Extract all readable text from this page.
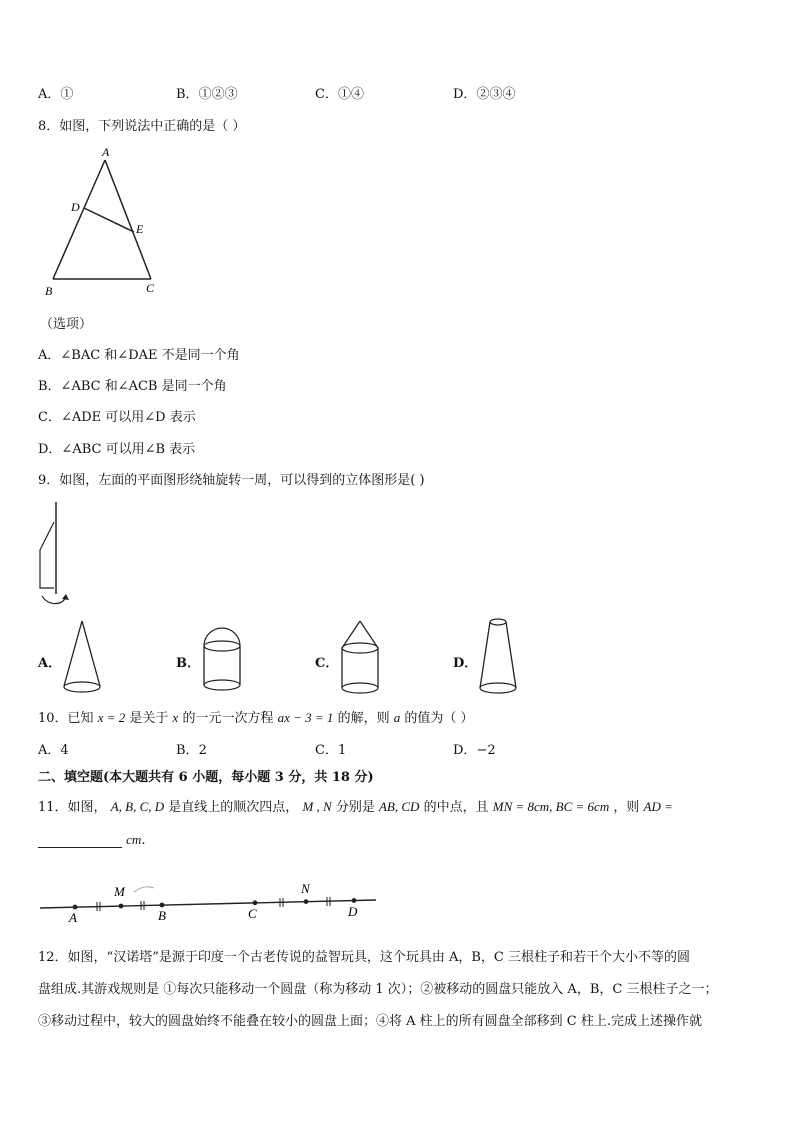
A．①	B．①②③	C．①④	D．②③④
8．如图，下列说法中正确的是（ ）
A
D
E
B	C
（选项）
A．∠BAC 和∠DAE 不是同一个角
B．∠ABC 和∠ACB 是同一个角
C．∠ADE 可以用∠D 表示
D．∠ABC 可以用∠B 表示
9．如图，左面的平面图形绕轴旋转一周，可以得到的立体图形是( )
A．	B．	C．	D．
10．已知 x = 2 是关于 x 的一元一次方程 ax − 3 = 1 的解，则 a 的值为（ ）
A．4	B．2	C．1	D．−2
二、填空题(本大题共有 6 小题，每小题 3 分，共 18 分)
11．如图， A, B, C, D 是直线上的顺次四点， M , N 分别是 AB, CD 的中点，且 MN = 8cm, BC = 6cm ，则 AD =
cm.
A
M
B	C
N
D
12．如图，“汉诺塔”是源于印度一个古老传说的益智玩具，这个玩具由 A，B，C 三根柱子和若干个大小不等的圆
盘组成.其游戏规则是 ①每次只能移动一个圆盘（称为移动 1 次）；②被移动的圆盘只能放入 A，B，C 三根柱子之一；
③移动过程中，较大的圆盘始终不能叠在较小的圆盘上面；④将 A 柱上的所有圆盘全部移到 C 柱上.完成上述操作就
